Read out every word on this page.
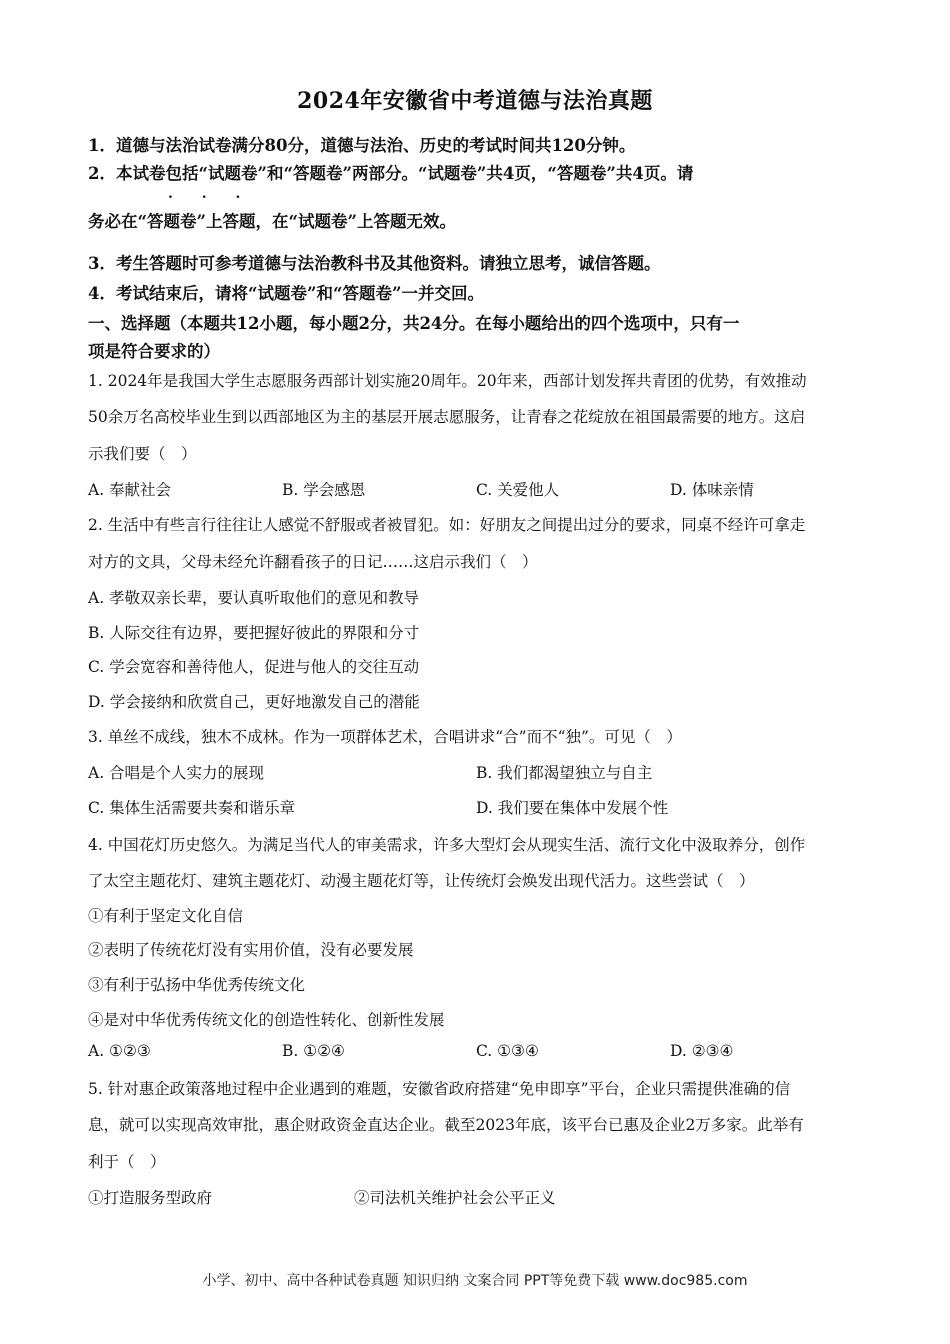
2024年安徽省中考道德与法治真题
1．道德与法治试卷满分80分，道德与法治、历史的考试时间共120分钟。
2．本试卷包括“试题卷”和“答题卷”两部分。“试题卷”共4页，“答题卷”共4页。请
. . .
务必在“答题卷”上答题，在“试题卷”上答题无效。
3．考生答题时可参考道德与法治教科书及其他资料。请独立思考，诚信答题。
4．考试结束后，请将“试题卷”和“答题卷”一并交回。
一、选择题（本题共12小题，每小题2分，共24分。在每小题给出的四个选项中，只有一
项是符合要求的）
1. 2024年是我国大学生志愿服务西部计划实施20周年。20年来，西部计划发挥共青团的优势，有效推动
50余万名高校毕业生到以西部地区为主的基层开展志愿服务，让青春之花绽放在祖国最需要的地方。这启
示我们要（　）
A. 奉献社会	B. 学会感恩	C. 关爱他人	D. 体味亲情
2. 生活中有些言行往往让人感觉不舒服或者被冒犯。如：好朋友之间提出过分的要求，同桌不经许可拿走
对方的文具，父母未经允许翻看孩子的日记……这启示我们（　）
A. 孝敬双亲长辈，要认真听取他们的意见和教导
B. 人际交往有边界，要把握好彼此的界限和分寸
C. 学会宽容和善待他人，促进与他人的交往互动
D. 学会接纳和欣赏自己，更好地激发自己的潜能
3. 单丝不成线，独木不成林。作为一项群体艺术，合唱讲求“合”而不“独”。可见（　）
A. 合唱是个人实力的展现	B. 我们都渴望独立与自主
C. 集体生活需要共奏和谐乐章	D. 我们要在集体中发展个性
4. 中国花灯历史悠久。为满足当代人的审美需求，许多大型灯会从现实生活、流行文化中汲取养分，创作
了太空主题花灯、建筑主题花灯、动漫主题花灯等，让传统灯会焕发出现代活力。这些尝试（　）
①有利于坚定文化自信
②表明了传统花灯没有实用价值，没有必要发展
③有利于弘扬中华优秀传统文化
④是对中华优秀传统文化的创造性转化、创新性发展
A. ①②③	B. ①②④	C. ①③④	D. ②③④
5. 针对惠企政策落地过程中企业遇到的难题，安徽省政府搭建“免申即享”平台，企业只需提供准确的信
息，就可以实现高效审批，惠企财政资金直达企业。截至2023年底，该平台已惠及企业2万多家。此举有
利于（　）
①打造服务型政府	②司法机关维护社会公平正义
小学、初中、高中各种试卷真题 知识归纳 文案合同 PPT等免费下载 www.doc985.com
